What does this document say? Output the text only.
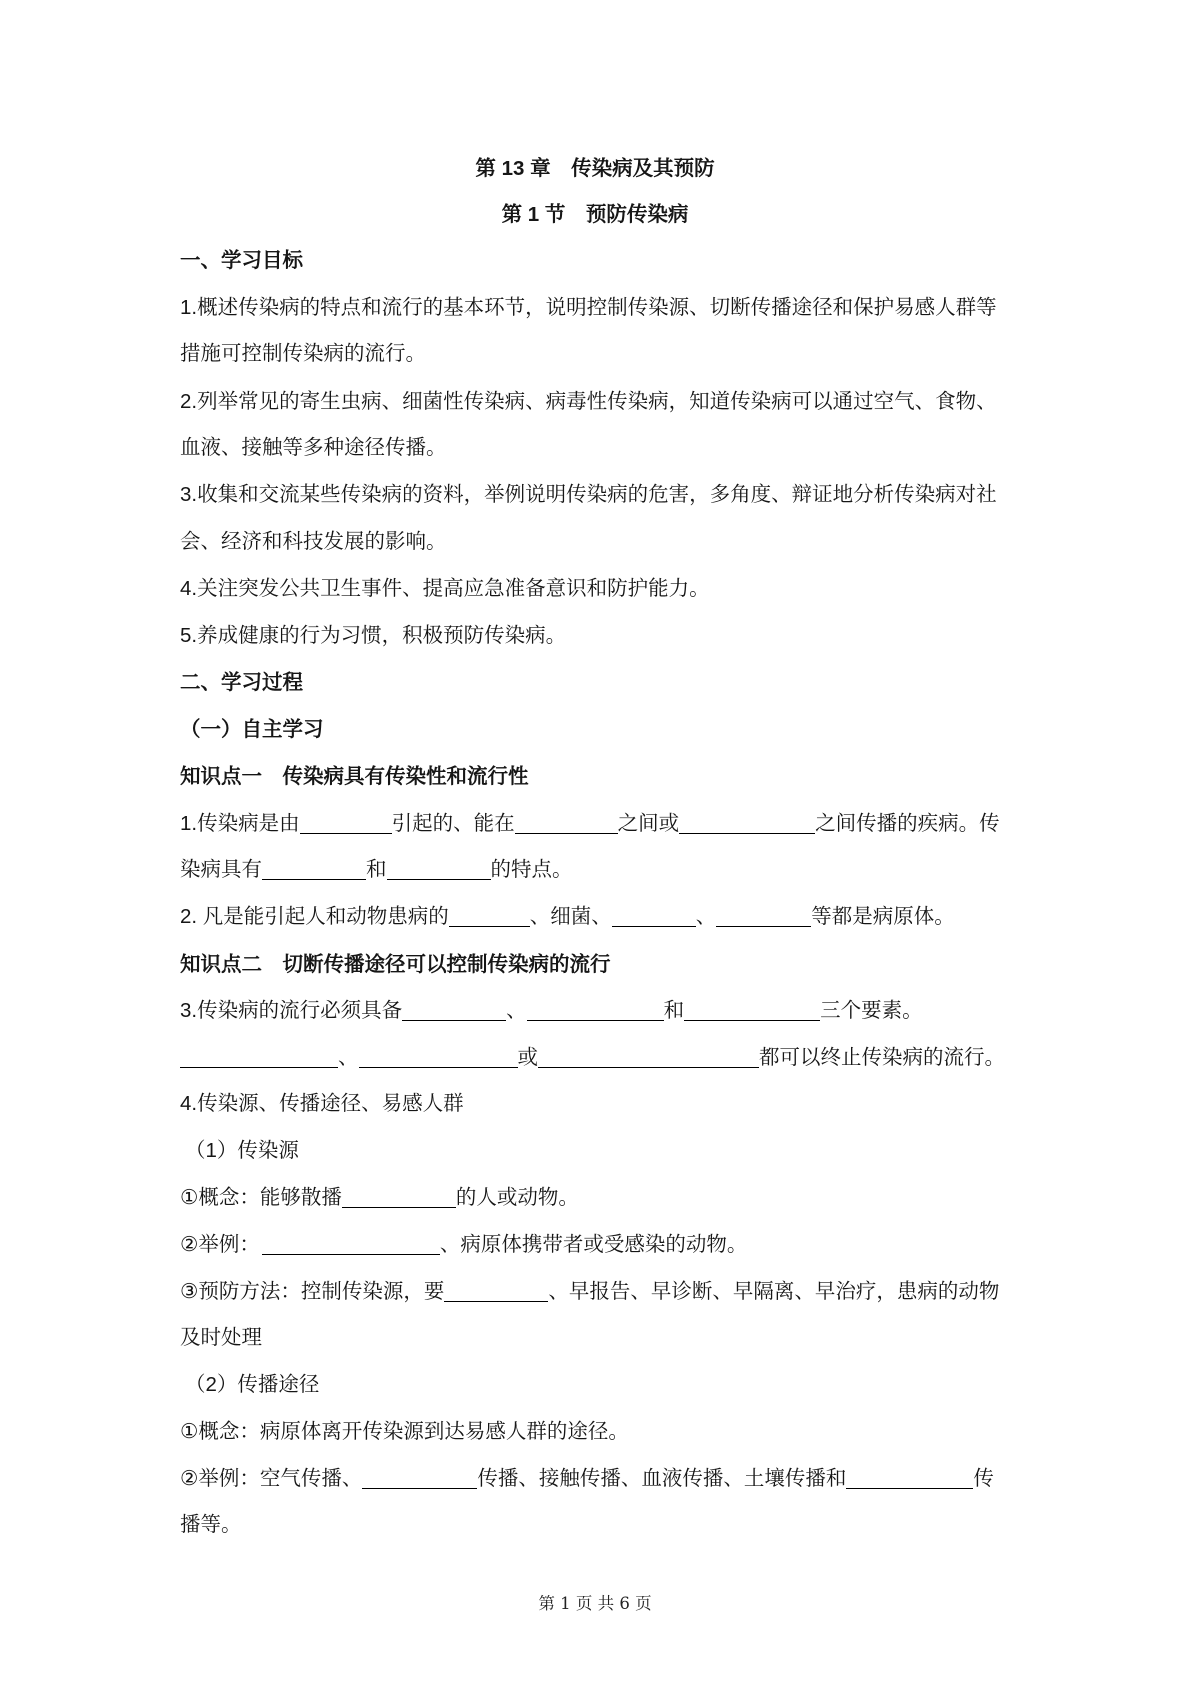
第 13 章　传染病及其预防
第 1 节　预防传染病
一、学习目标
1.概述传染病的特点和流行的基本环节，说明控制传染源、切断传播途径和保护易感人群等
措施可控制传染病的流行。
2.列举常见的寄生虫病、细菌性传染病、病毒性传染病，知道传染病可以通过空气、食物、
血液、接触等多种途径传播。
3.收集和交流某些传染病的资料，举例说明传染病的危害，多角度、辩证地分析传染病对社
会、经济和科技发展的影响。
4.关注突发公共卫生事件、提高应急准备意识和防护能力。
5.养成健康的行为习惯，积极预防传染病。
二、学习过程
（一）自主学习
知识点一　传染病具有传染性和流行性
1.传染病是由	引起的、能在	之间或	之间传播的疾病。传
染病具有	和	的特点。
2. 凡是能引起人和动物患病的	、细菌、	、	等都是病原体。
知识点二　切断传播途径可以控制传染病的流行
3.传染病的流行必须具备	、	和	三个要素。
、	或	都可以终止传染病的流行。
4.传染源、传播途径、易感人群
（1）传染源
①概念：能够散播	的人或动物。
②举例：	、病原体携带者或受感染的动物。
③预防方法：控制传染源，要	、早报告、早诊断、早隔离、早治疗，患病的动物
及时处理
（2）传播途径
①概念：病原体离开传染源到达易感人群的途径。
②举例：空气传播、	传播、接触传播、血液传播、土壤传播和	传
播等。
第 1 页 共 6 页
